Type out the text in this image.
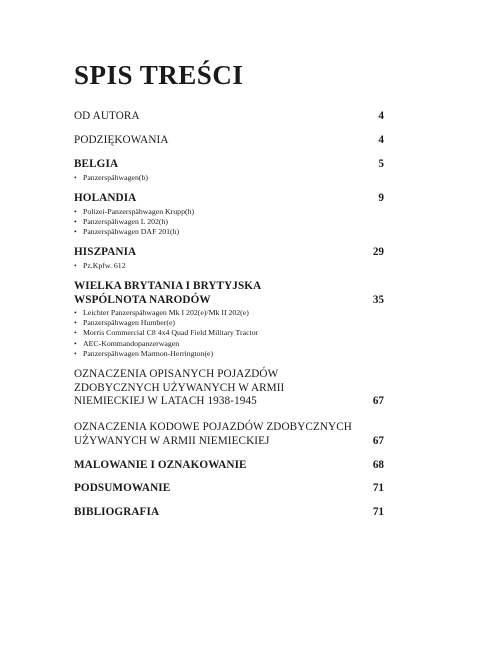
SPIS TREŚCI
OD AUTORA	4
PODZIĘKOWANIA	4
BELGIA	5
• Panzerspähwagen(b)
HOLANDIA	9
• Polizei-Panzerspähwagen Krupp(h)
• Panzerspähwagen L 202(h)
• Panzerspähwagen DAF 201(h)
HISZPANIA	29
• Pz.Kpfw. 612
WIELKA BRYTANIA I BRYTYJSKA WSPÓLNOTA NARODÓW	35
• Leichter Panzerspähwagen Mk I 202(e)/Mk II 202(e)
• Panzerspähwagen Humber(e)
• Morris Commercial C8 4x4 Quad Field Military Tractor
• AEC-Kommandopanzerwagen
• Panzerspähwagen Marmon-Herrington(e)
OZNACZENIA OPISANYCH POJAZDÓW ZDOBYCZNYCH UŻYWANYCH W ARMII NIEMIECKIEJ W LATACH 1938-1945	67
OZNACZENIA KODOWE POJAZDÓW ZDOBYCZNYCH UŻYWANYCH W ARMII NIEMIECKIEJ	67
MALOWANIE I OZNAKOWANIE	68
PODSUMOWANIE	71
BIBLIOGRAFIA	71
